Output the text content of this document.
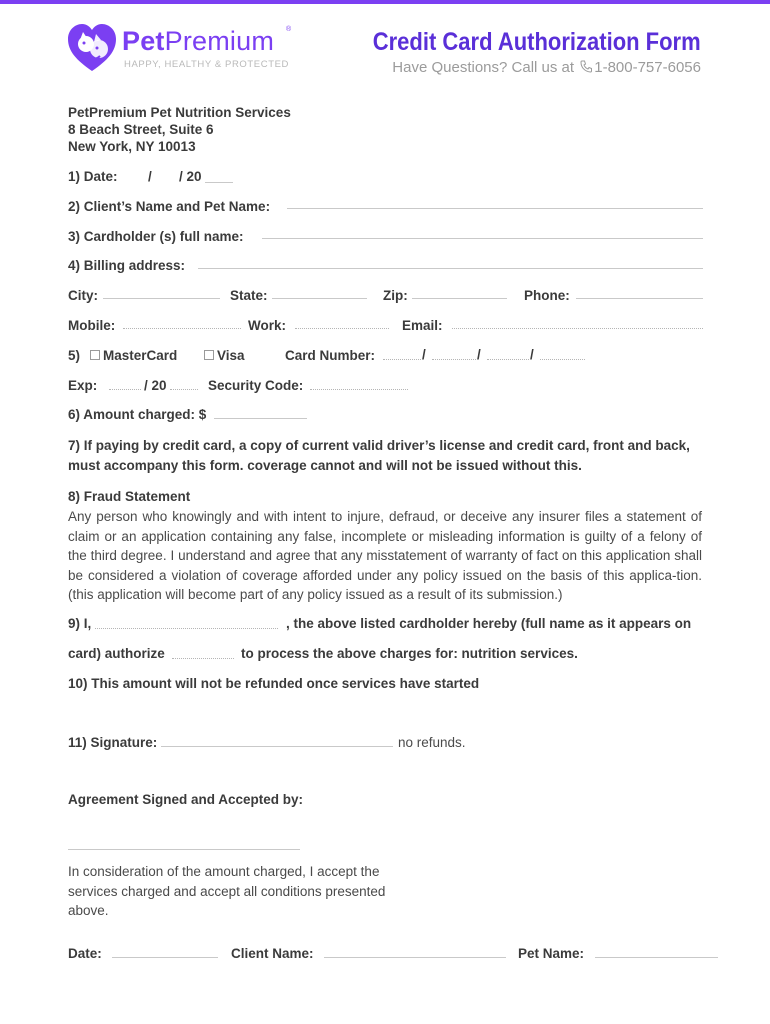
PetPremium ®
HAPPY, HEALTHY & PROTECTED
Credit Card Authorization Form
Have Questions? Call us at 1-800-757-6056
PetPremium Pet Nutrition Services
8 Beach Street, Suite 6
New York, NY 10013
1) Date: / / 20
2) Client’s Name and Pet Name:
3) Cardholder (s) full name:
4) Billing address:
City:	State:	Zip:	Phone:
Mobile:	Work:	Email:
5)	MasterCard	Visa	Card Number:	/	/	/
Exp:	/ 20	Security Code:
6) Amount charged: $
7) If paying by credit card, a copy of current valid driver’s license and credit card, front and back, must accompany this form. coverage cannot and will not be issued without this.
8) Fraud Statement
Any person who knowingly and with intent to injure, defraud, or deceive any insurer files a statement of claim or an application containing any false, incomplete or misleading information is guilty of a felony of the third degree. I understand and agree that any misstatement of warranty of fact on this application shall be considered a violation of coverage afforded under any policy issued on the basis of this applica-tion. (this application will become part of any policy issued as a result of its submission.)
9) I,	, the above listed cardholder hereby (full name as it appears on
card) authorize	to process the above charges for: nutrition services.
10) This amount will not be refunded once services have started
11) Signature:	no refunds.
Agreement Signed and Accepted by:
In consideration of the amount charged, I accept the services charged and accept all conditions presented above.
Date:	Client Name:	Pet Name:
